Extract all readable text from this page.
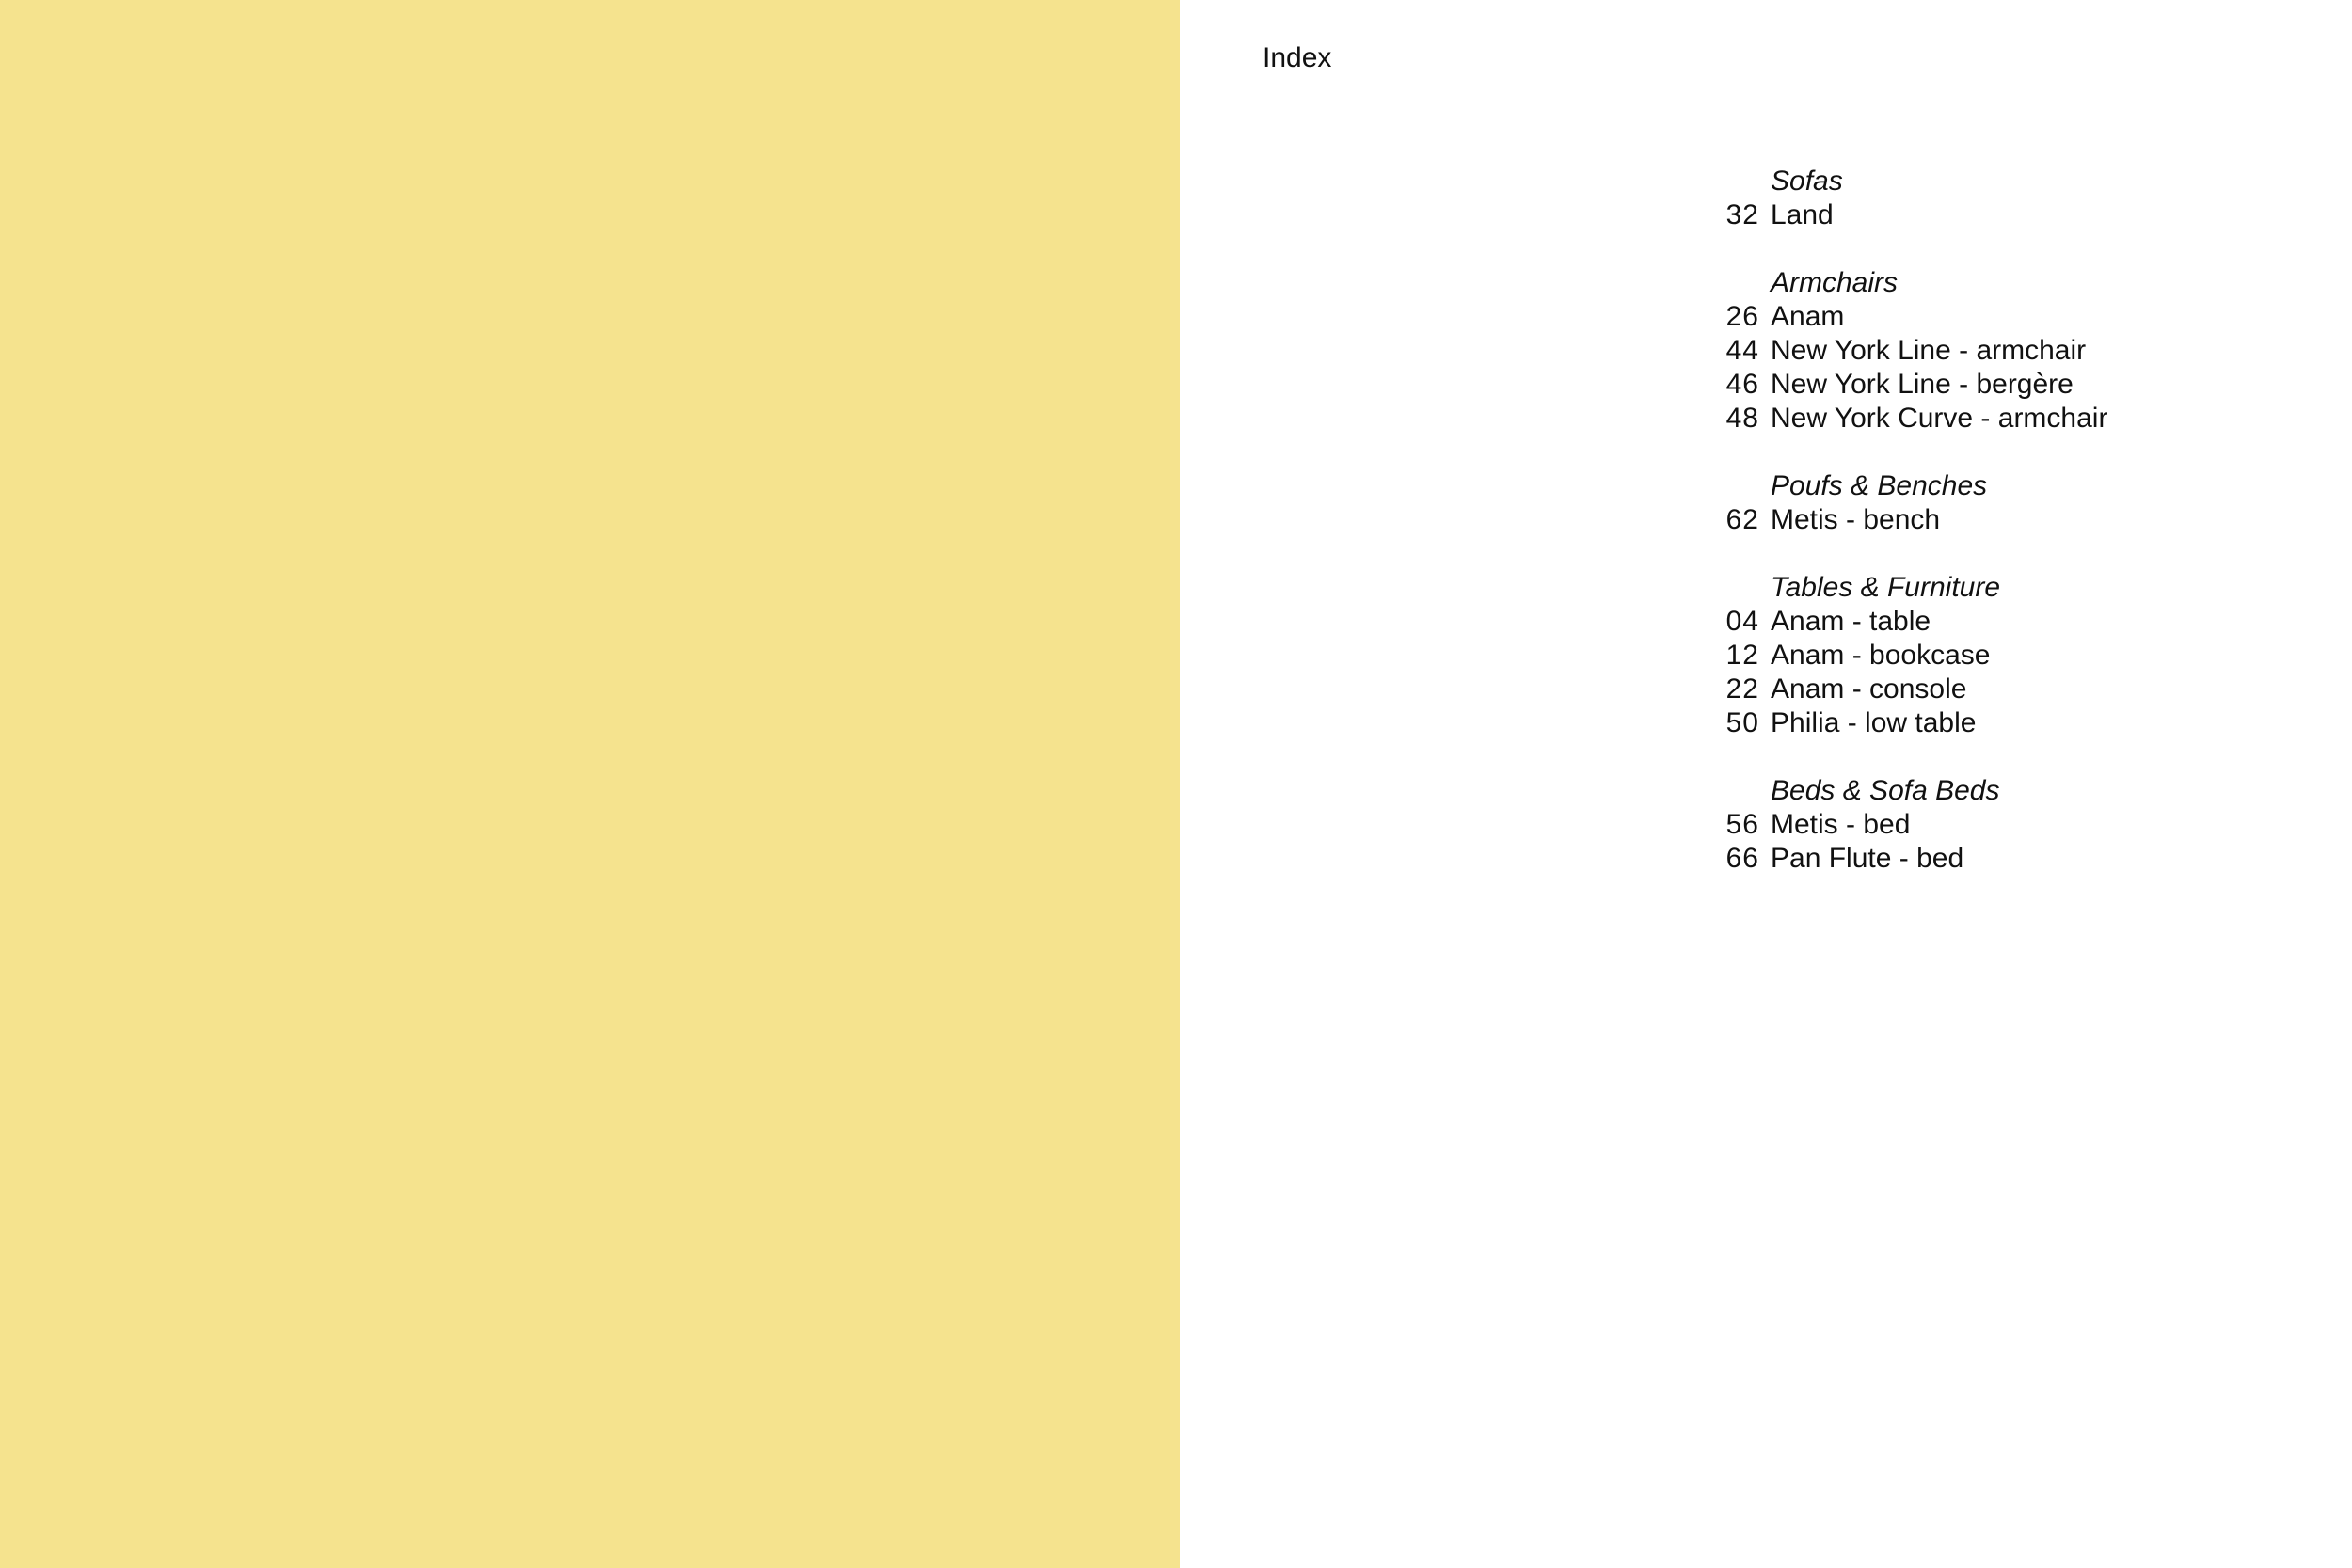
Index
Sofas
32 Land
Armchairs
26 Anam
44 New York Line - armchair
46 New York Line - bergère
48 New York Curve - armchair
Poufs & Benches
62 Metis - bench
Tables & Furniture
04 Anam - table
12 Anam - bookcase
22 Anam - console
50 Philia - low table
Beds & Sofa Beds
56 Metis - bed
66 Pan Flute - bed
